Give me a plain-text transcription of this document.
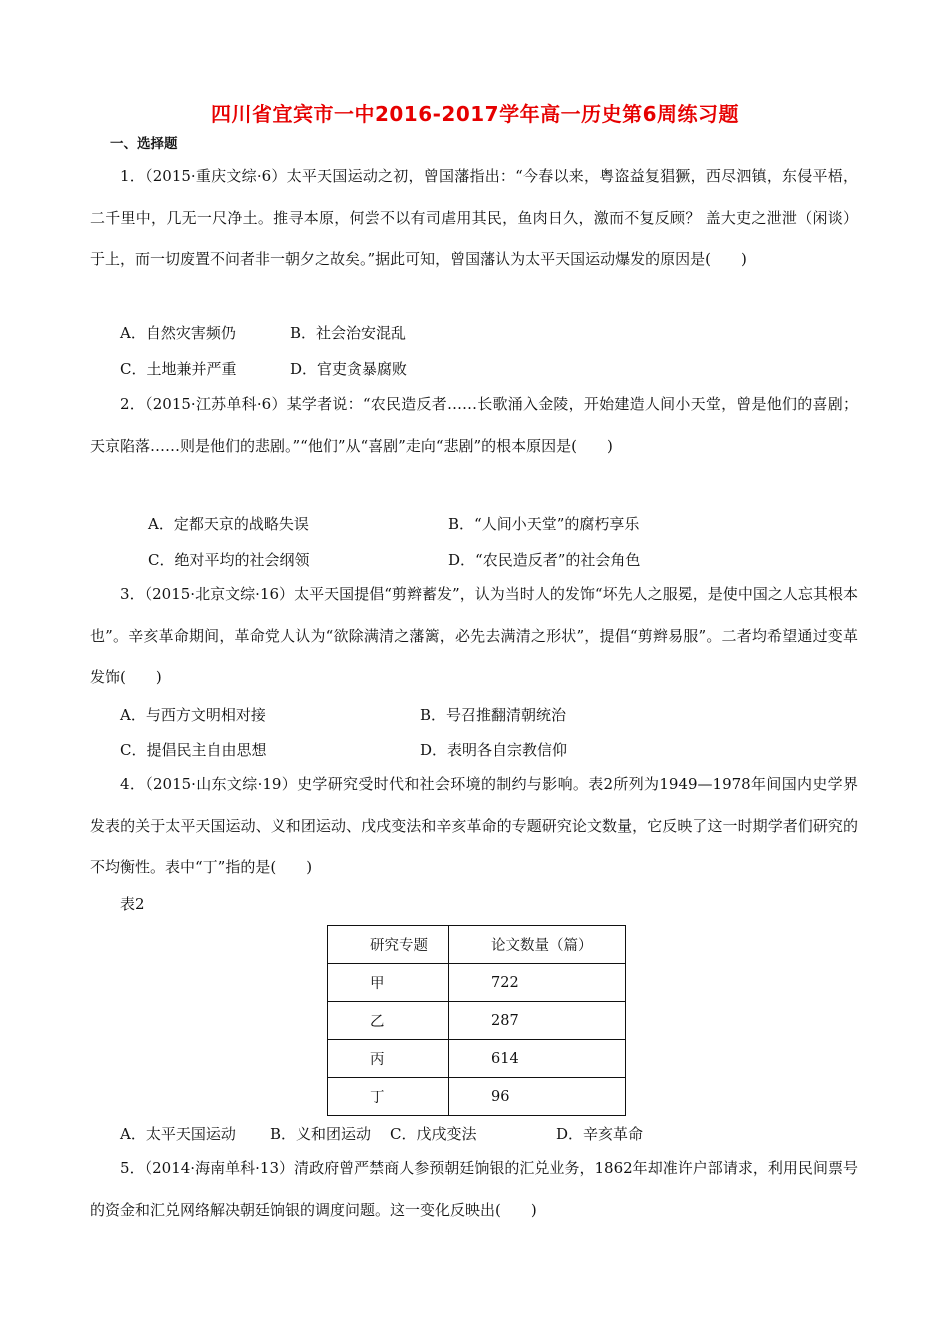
四川省宜宾市一中2016-2017学年高一历史第6周练习题
一、选择题
1．（2015·重庆文综·6）太平天国运动之初，曾国藩指出：“今春以来，粤盗益复猖獗，西尽泗镇，东侵平梧，二千里中，几无一尺净土。推寻本原，何尝不以有司虐用其民，鱼肉日久，激而不复反顾？ 盖大吏之泄泄（闲谈）于上，而一切废置不问者非一朝夕之故矣。”据此可知，曾国藩认为太平天国运动爆发的原因是(　　)
A．自然灾害频仍	B．社会治安混乱
C．土地兼并严重	D．官吏贪暴腐败
2．（2015·江苏单科·6）某学者说：“农民造反者……长歌涌入金陵，开始建造人间小天堂，曾是他们的喜剧；天京陷落……则是他们的悲剧。”“他们”从“喜剧”走向“悲剧”的根本原因是(　　)
A．定都天京的战略失误	B．“人间小天堂”的腐朽享乐
C．绝对平均的社会纲领	D．“农民造反者”的社会角色
3．（2015·北京文综·16）太平天国提倡“剪辫蓄发”，认为当时人的发饰“坏先人之服冕，是使中国之人忘其根本也”。辛亥革命期间，革命党人认为“欲除满清之藩篱，必先去满清之形状”，提倡“剪辫易服”。二者均希望通过变革发饰(　　)
A．与西方文明相对接	B．号召推翻清朝统治
C．提倡民主自由思想	D．表明各自宗教信仰
4．（2015·山东文综·19）史学研究受时代和社会环境的制约与影响。表2所列为1949—1978年间国内史学界发表的关于太平天国运动、义和团运动、戊戌变法和辛亥革命的专题研究论文数量，它反映了这一时期学者们研究的不均衡性。表中“丁”指的是(　　)
表2
研究专题	论文数量（篇）
甲	722
乙	287
丙	614
丁	96
A．太平天国运动 B．义和团运动 C．戊戌变法	D．辛亥革命
5．（2014·海南单科·13）清政府曾严禁商人参预朝廷饷银的汇兑业务，1862年却准许户部请求，利用民间票号的资金和汇兑网络解决朝廷饷银的调度问题。这一变化反映出(　　)
